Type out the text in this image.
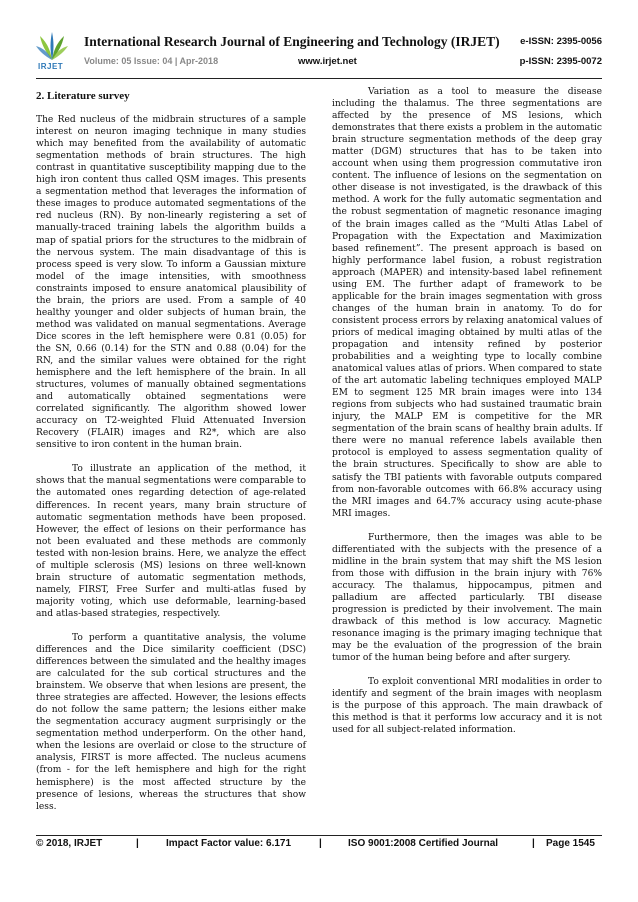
IRJET
International Research Journal of Engineering and Technology (IRJET) e-ISSN: 2395-0056
Volume: 05 Issue: 04 | Apr-2018	www.irjet.net	p-ISSN: 2395-0072
2. Literature survey

The Red nucleus of the midbrain structures of a sample interest on neuron imaging technique in many studies which may benefited from the availability of automatic segmentation methods of brain structures. The high contrast in quantitative susceptibility mapping due to the high iron content thus called QSM images. This presents a segmentation method that leverages the information of these images to produce automated segmentations of the red nucleus (RN). By non-linearly registering a set of manually-traced training labels the algorithm builds a map of spatial priors for the structures to the midbrain of the nervous system. The main disadvantage of this is process speed is very slow. To inform a Gaussian mixture model of the image intensities, with smoothness constraints imposed to ensure anatomical plausibility of the brain, the priors are used. From a sample of 40 healthy younger and older subjects of human brain, the method was validated on manual segmentations. Average Dice scores in the left hemisphere were 0.81 (0.05) for the SN, 0.66 (0.14) for the STN and 0.88 (0.04) for the RN, and the similar values were obtained for the right hemisphere and the left hemisphere of the brain. In all structures, volumes of manually obtained segmentations and automatically obtained segmentations were correlated significantly. The algorithm showed lower accuracy on T2-weighted Fluid Attenuated Inversion Recovery (FLAIR) images and R2*, which are also sensitive to iron content in the human brain.

To illustrate an application of the method, it shows that the manual segmentations were comparable to the automated ones regarding detection of age-related differences. In recent years, many brain structure of automatic segmentation methods have been proposed. However, the effect of lesions on their performance has not been evaluated and these methods are commonly tested with non-lesion brains. Here, we analyze the effect of multiple sclerosis (MS) lesions on three well-known brain structure of automatic segmentation methods, namely, FIRST, Free Surfer and multi-atlas fused by majority voting, which use deformable, learning-based and atlas-based strategies, respectively.

To perform a quantitative analysis, the volume differences and the Dice similarity coefficient (DSC) differences between the simulated and the healthy images are calculated for the sub cortical structures and the brainstem. We observe that when lesions are present, the three strategies are affected. However, the lesions effects do not follow the same pattern; the lesions either make the segmentation accuracy augment surprisingly or the segmentation method underperform. On the other hand, when the lesions are overlaid or close to the structure of analysis, FIRST is more affected. The nucleus acumens (from - for the left hemisphere and high for the right hemisphere) is the most affected structure by the presence of lesions, whereas the structures that show less.

Variation as a tool to measure the disease including the thalamus. The three segmentations are affected by the presence of MS lesions, which demonstrates that there exists a problem in the automatic brain structure segmentation methods of the deep gray matter (DGM) structures that has to be taken into account when using them progression commutative iron content. The influence of lesions on the segmentation on other disease is not investigated, is the drawback of this method. A work for the fully automatic segmentation and the robust segmentation of magnetic resonance imaging of the brain images called as the “Multi Atlas Label of Propagation with the Expectation and Maximization based refinement”. The present approach is based on highly performance label fusion, a robust registration approach (MAPER) and intensity-based label refinement using EM. The further adapt of framework to be applicable for the brain images segmentation with gross changes of the human brain in anatomy. To do for consistent process errors by relaxing anatomical values of priors of medical imaging obtained by multi atlas of the propagation and intensity refined by posterior probabilities and a weighting type to locally combine anatomical values atlas of priors. When compared to state of the art automatic labeling techniques employed MALP EM to segment 125 MR brain images were into 134 regions from subjects who had sustained traumatic brain injury, the MALP EM is competitive for the MR segmentation of the brain scans of healthy brain adults. If there were no manual reference labels available then protocol is employed to assess segmentation quality of the brain structures. Specifically to show are able to satisfy the TBI patients with favorable outputs compared from non-favorable outcomes with 66.8% accuracy using the MRI images and 64.7% accuracy using acute-phase MRI images.

Furthermore, then the images was able to be differentiated with the subjects with the presence of a midline in the brain system that may shift the MS lesion from those with diffusion in the brain injury with 76% accuracy. The thalamus, hippocampus, pitmen and palladium are affected particularly. TBI disease progression is predicted by their involvement. The main drawback of this method is low accuracy. Magnetic resonance imaging is the primary imaging technique that may be the evaluation of the progression of the brain tumor of the human being before and after surgery.

To exploit conventional MRI modalities in order to identify and segment of the brain images with neoplasm is the purpose of this approach. The main drawback of this method is that it performs low accuracy and it is not used for all subject-related information.

© 2018, IRJET	|	Impact Factor value: 6.171	|	ISO 9001:2008 Certified Journal	| Page 1545
